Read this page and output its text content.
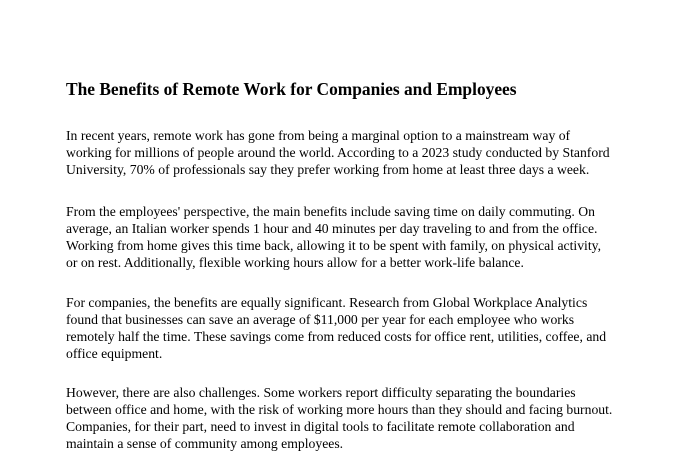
The Benefits of Remote Work for Companies and Employees

In recent years, remote work has gone from being a marginal option to a mainstream way of
working for millions of people around the world. According to a 2023 study conducted by Stanford
University, 70% of professionals say they prefer working from home at least three days a week.

From the employees' perspective, the main benefits include saving time on daily commuting. On
average, an Italian worker spends 1 hour and 40 minutes per day traveling to and from the office.
Working from home gives this time back, allowing it to be spent with family, on physical activity,
or on rest. Additionally, flexible working hours allow for a better work-life balance.

For companies, the benefits are equally significant. Research from Global Workplace Analytics
found that businesses can save an average of $11,000 per year for each employee who works
remotely half the time. These savings come from reduced costs for office rent, utilities, coffee, and
office equipment.

However, there are also challenges. Some workers report difficulty separating the boundaries
between office and home, with the risk of working more hours than they should and facing burnout.
Companies, for their part, need to invest in digital tools to facilitate remote collaboration and
maintain a sense of community among employees.
